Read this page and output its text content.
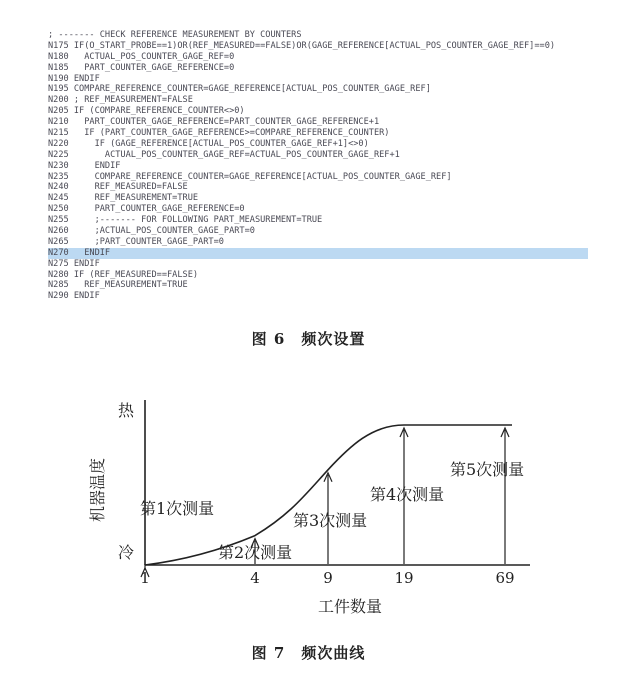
; ------- CHECK REFERENCE MEASUREMENT BY COUNTERS
N175 IF(O_START_PROBE==1)OR(REF_MEASURED==FALSE)OR(GAGE_REFERENCE[ACTUAL_POS_COUNTER_GAGE_REF]==0)
N180   ACTUAL_POS_COUNTER_GAGE_REF=0
N185   PART_COUNTER_GAGE_REFERENCE=0
N190 ENDIF
N195 COMPARE_REFERENCE_COUNTER=GAGE_REFERENCE[ACTUAL_POS_COUNTER_GAGE_REF]
N200 ; REF_MEASUREMENT=FALSE
N205 IF (COMPARE_REFERENCE_COUNTER<>0)
N210   PART_COUNTER_GAGE_REFERENCE=PART_COUNTER_GAGE_REFERENCE+1
N215   IF (PART_COUNTER_GAGE_REFERENCE>=COMPARE_REFERENCE_COUNTER)
N220     IF (GAGE_REFERENCE[ACTUAL_POS_COUNTER_GAGE_REF+1]<>0)
N225       ACTUAL_POS_COUNTER_GAGE_REF=ACTUAL_POS_COUNTER_GAGE_REF+1
N230     ENDIF
N235     COMPARE_REFERENCE_COUNTER=GAGE_REFERENCE[ACTUAL_POS_COUNTER_GAGE_REF]
N240     REF_MEASURED=FALSE
N245     REF_MEASUREMENT=TRUE
N250     PART_COUNTER_GAGE_REFERENCE=0
N255     ;------- FOR FOLLOWING PART_MEASUREMENT=TRUE
N260     ;ACTUAL_POS_COUNTER_GAGE_PART=0
N265     ;PART_COUNTER_GAGE_PART=0
N270   ENDIF
N275 ENDIF
N280 IF (REF_MEASURED==FALSE)
N285   REF_MEASUREMENT=TRUE
N290 ENDIF
图 6　频次设置
热
冷
机器温度
1	4	9	19	69
第1次测量
第2次测量
第3次测量
第4次测量
第5次测量
工件数量
图 7　频次曲线
